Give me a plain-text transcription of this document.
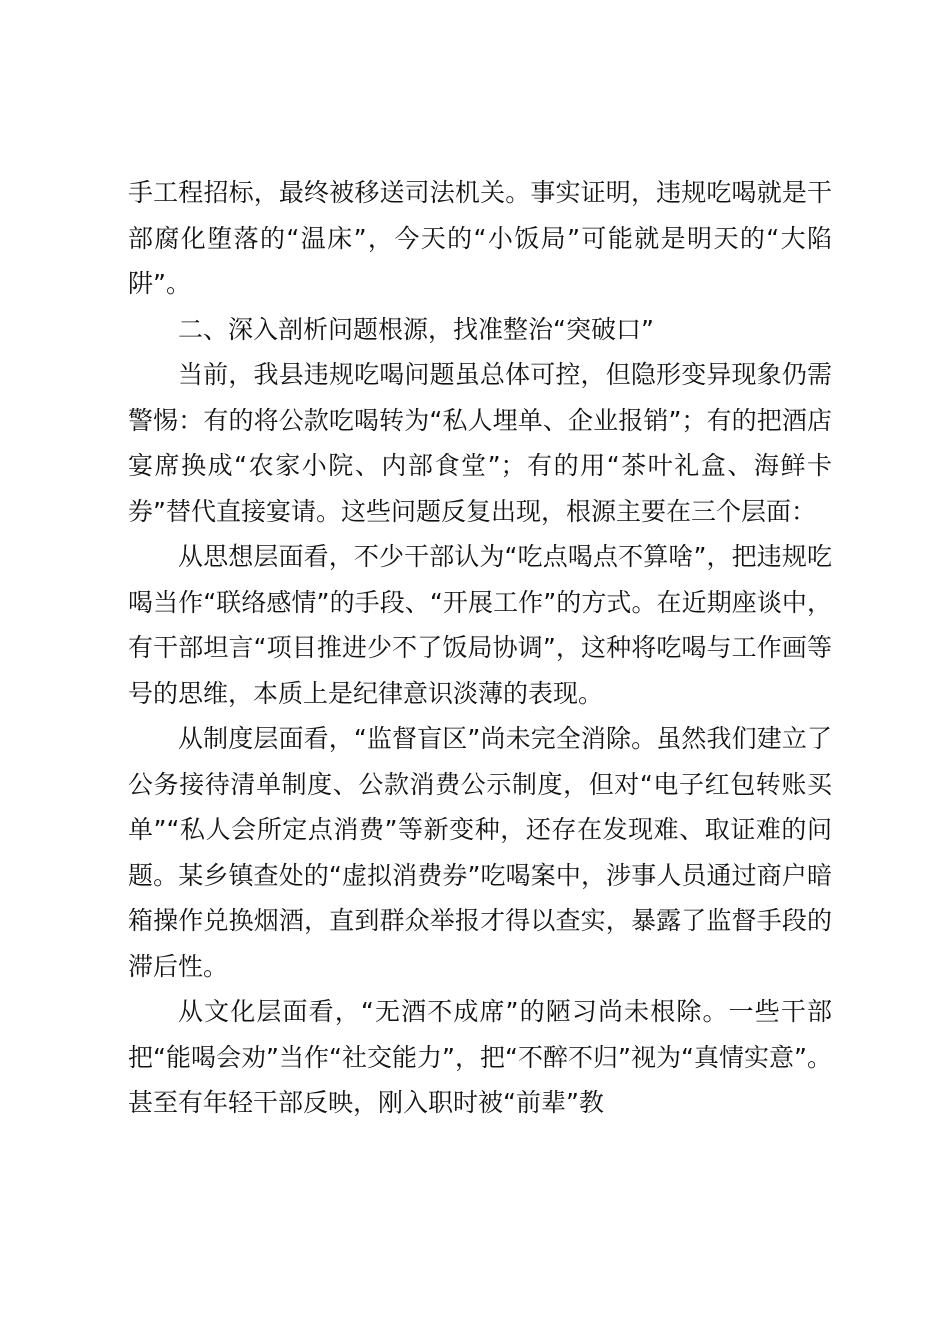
手工程招标，最终被移送司法机关。事实证明，违规吃喝就是干部腐化堕落的“温床”，今天的“小饭局”可能就是明天的“大陷阱”。

二、深入剖析问题根源，找准整治“突破口”

当前，我县违规吃喝问题虽总体可控，但隐形变异现象仍需警惕：有的将公款吃喝转为“私人埋单、企业报销”；有的把酒店宴席换成“农家小院、内部食堂”；有的用“茶叶礼盒、海鲜卡券”替代直接宴请。这些问题反复出现，根源主要在三个层面：

从思想层面看，不少干部认为“吃点喝点不算啥”，把违规吃喝当作“联络感情”的手段、“开展工作”的方式。在近期座谈中，有干部坦言“项目推进少不了饭局协调”，这种将吃喝与工作画等号的思维，本质上是纪律意识淡薄的表现。

从制度层面看，“监督盲区”尚未完全消除。虽然我们建立了公务接待清单制度、公款消费公示制度，但对“电子红包转账买单”“私人会所定点消费”等新变种，还存在发现难、取证难的问题。某乡镇查处的“虚拟消费券”吃喝案中，涉事人员通过商户暗箱操作兑换烟酒，直到群众举报才得以查实，暴露了监督手段的滞后性。

从文化层面看，“无酒不成席”的陋习尚未根除。一些干部把“能喝会劝”当作“社交能力”，把“不醉不归”视为“真情实意”。甚至有年轻干部反映，刚入职时被“前辈”教
